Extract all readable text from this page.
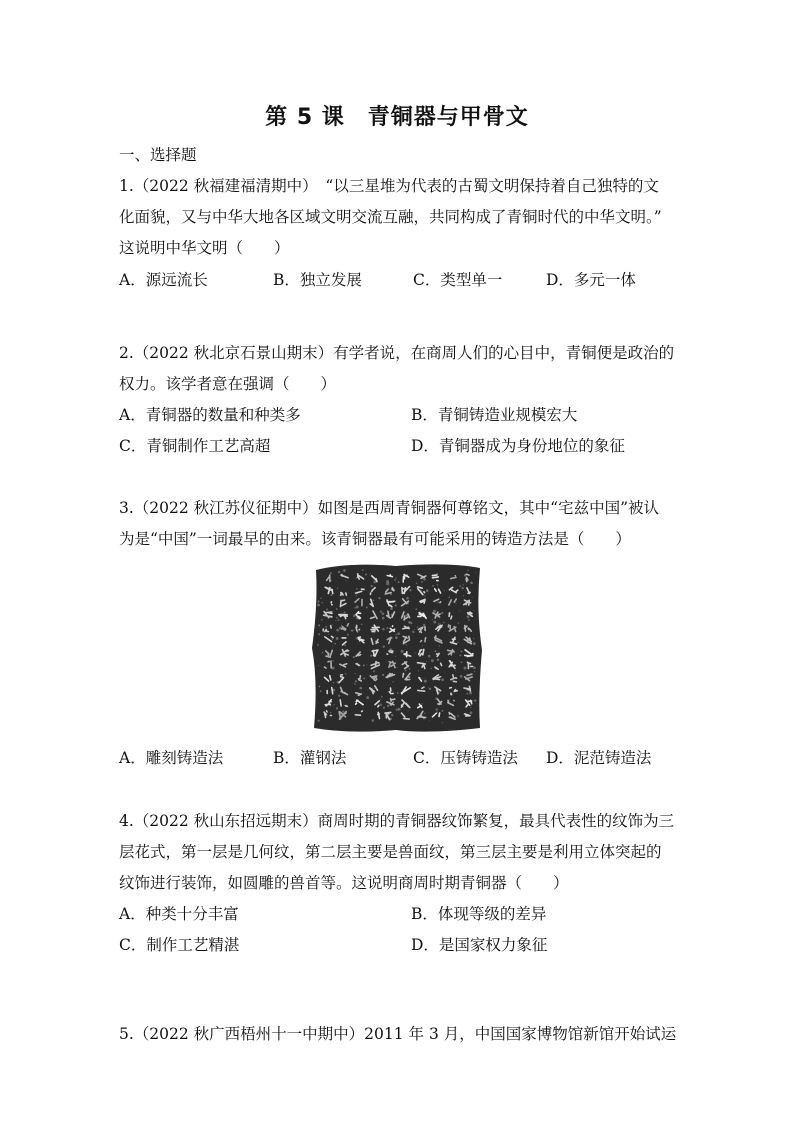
第 5 课　青铜器与甲骨文
一、选择题
1.（2022 秋福建福清期中）　“以三星堆为代表的古蜀文明保持着自己独特的文
化面貌，又与中华大地各区域文明交流互融，共同构成了青铜时代的中华文明。”
这说明中华文明（　　）
A．源远流长	B．独立发展	C．类型单一	D．多元一体
2.（2022 秋北京石景山期末）有学者说，在商周人们的心目中，青铜便是政治的
权力。该学者意在强调（　　）
A．青铜器的数量和种类多	B．青铜铸造业规模宏大
C．青铜制作工艺高超	D．青铜器成为身份地位的象征
3.（2022 秋江苏仪征期中）如图是西周青铜器何尊铭文，其中“宅兹中国”被认
为是“中国”一词最早的由来。该青铜器最有可能采用的铸造方法是（　　）
A．雕刻铸造法	B．灌钢法	C．压铸铸造法 D．泥范铸造法
4.（2022 秋山东招远期末）商周时期的青铜器纹饰繁复，最具代表性的纹饰为三
层花式，第一层是几何纹，第二层主要是兽面纹，第三层主要是利用立体突起的
纹饰进行装饰，如圆雕的兽首等。这说明商周时期青铜器（　　）
A．种类十分丰富	B．体现等级的差异
C．制作工艺精湛	D．是国家权力象征
5.（2022 秋广西梧州十一中期中）2011 年 3 月，中国国家博物馆新馆开始试运
